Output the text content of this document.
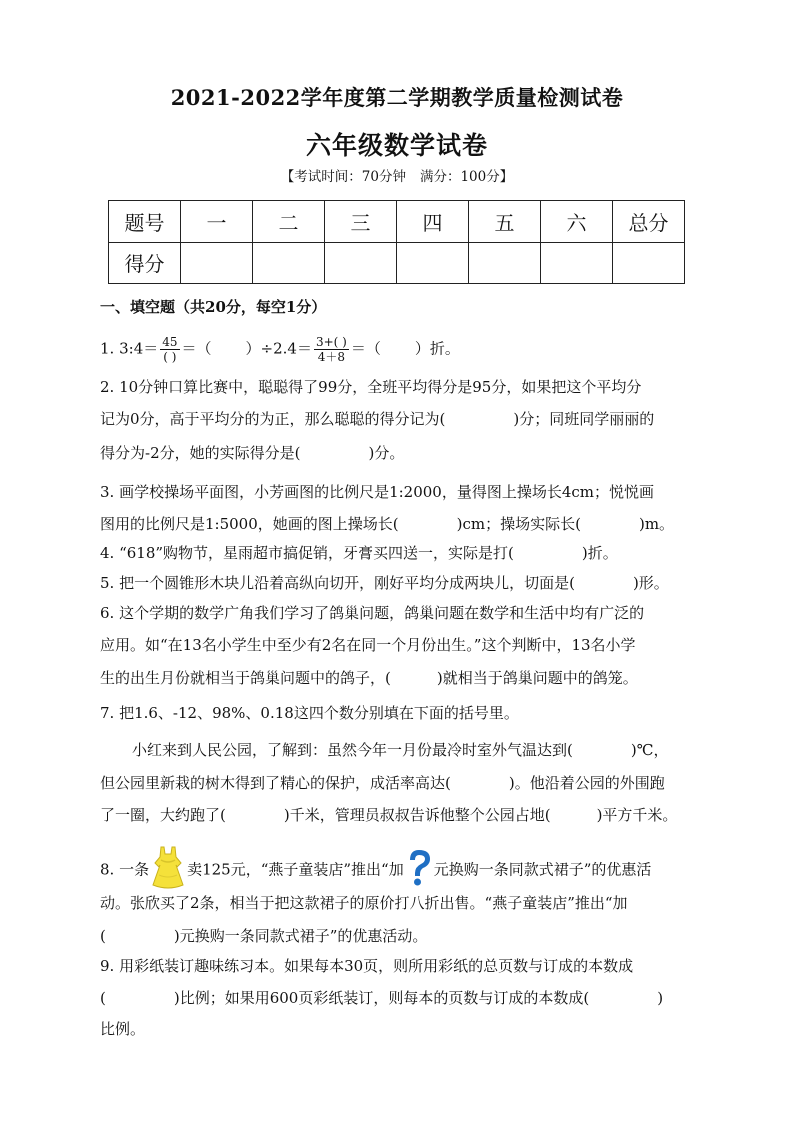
2021-2022学年度第二学期教学质量检测试卷
六年级数学试卷
【考试时间：70分钟 满分：100分】
题号	一	二	三	四	五	六	总分
得分							
一、填空题（共20分，每空1分）
1. 3:4＝ $\frac{45}{( )}$ ＝（ ）$\div 2.4= \frac{3+( )}{4+8}$ ＝（ ）折。
2. 10分钟口算比赛中，聪聪得了99分，全班平均得分是95分，如果把这个平均分
记为0分，高于平均分的为正，那么聪聪的得分记为(	)分；同班同学丽丽的
得分为-2分，她的实际得分是(	)分。
3. 画学校操场平面图，小芳画图的比例尺是1:2000，量得图上操场长4cm；悦悦画
图用的比例尺是1:5000，她画的图上操场长(	)cm；操场实际长(	)m。
4. “618”购物节，星雨超市搞促销，牙膏买四送一，实际是打(	)折。
5. 把一个圆锥形木块儿沿着高纵向切开，刚好平均分成两块儿，切面是(	)形。
6. 这个学期的数学广角我们学习了鸽巢问题，鸽巢问题在数学和生活中均有广泛的
应用。如“在13名小学生中至少有2名在同一个月份出生。”这个判断中，13名小学
生的出生月份就相当于鸽巢问题中的鸽子，(	)就相当于鸽巢问题中的鸽笼。
7. 把1.6、-12、98%、0.18这四个数分别填在下面的括号里。
小红来到人民公园，了解到：虽然今年一月份最冷时室外气温达到(	)℃，
但公园里新栽的树木得到了精心的保护，成活率高达(	)。他沿着公园的外围跑
了一圈，大约跑了(	)千米，管理员叔叔告诉他整个公园占地(	)平方千米。
8. 一条	卖125元，“燕子童装店”推出“加 元换购一条同款式裙子”的优惠活
动。张欣买了2条，相当于把这款裙子的原价打八折出售。“燕子童装店”推出“加
(	)元换购一条同款式裙子”的优惠活动。
9. 用彩纸装订趣味练习本。如果每本30页，则所用彩纸的总页数与订成的本数成
(	)比例；如果用600页彩纸装订，则每本的页数与订成的本数成(	)
比例。
